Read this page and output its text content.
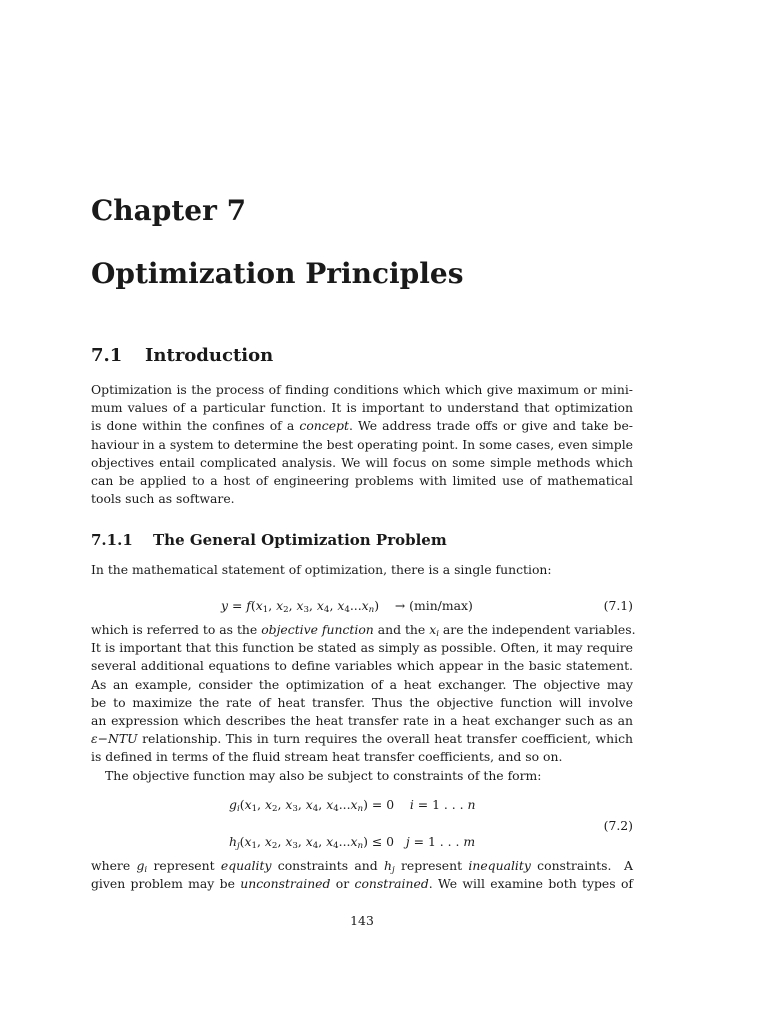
Chapter 7
Optimization Principles
7.1 Introduction
Optimization is the process of finding conditions which which give maximum or mini-
mum values of a particular function. It is important to understand that optimization
is done within the confines of a concept. We address trade offs or give and take be-
haviour in a system to determine the best operating point. In some cases, even simple
objectives entail complicated analysis. We will focus on some simple methods which
can be applied to a host of engineering problems with limited use of mathematical
tools such as software.
7.1.1 The General Optimization Problem
In the mathematical statement of optimization, there is a single function:
$y = f(x_1$, $x_2$, $x_3$, $x_4$, $x_4...x_n$)    → (min/max)	(7.1)
which is referred to as the objective function and the $x_i$ are the independent variables.
It is important that this function be stated as simply as possible. Often, it may require
several additional equations to define variables which appear in the basic statement.
As an example, consider the optimization of a heat exchanger. The objective may
be to maximize the rate of heat transfer. Thus the objective function will involve
an expression which describes the heat transfer rate in a heat exchanger such as an
ε−NTU relationship. This in turn requires the overall heat transfer coefficient, which
is defined in terms of the fluid stream heat transfer coefficients, and so on.
The objective function may also be subject to constraints of the form:
$g_i(x_1$, $x_2$, $x_3$, $x_4$, $x_4...x_n) = 0$    i = 1 . . . n
$h_j(x_1$, $x_2$, $x_3$, $x_4$, $x_4...x_n) \le 0$   j = 1 . . . m
(7.2)
where $g_i$ represent equality constraints and $h_j$ represent inequality constraints.  A
given problem may be unconstrained or constrained. We will examine both types of
143
